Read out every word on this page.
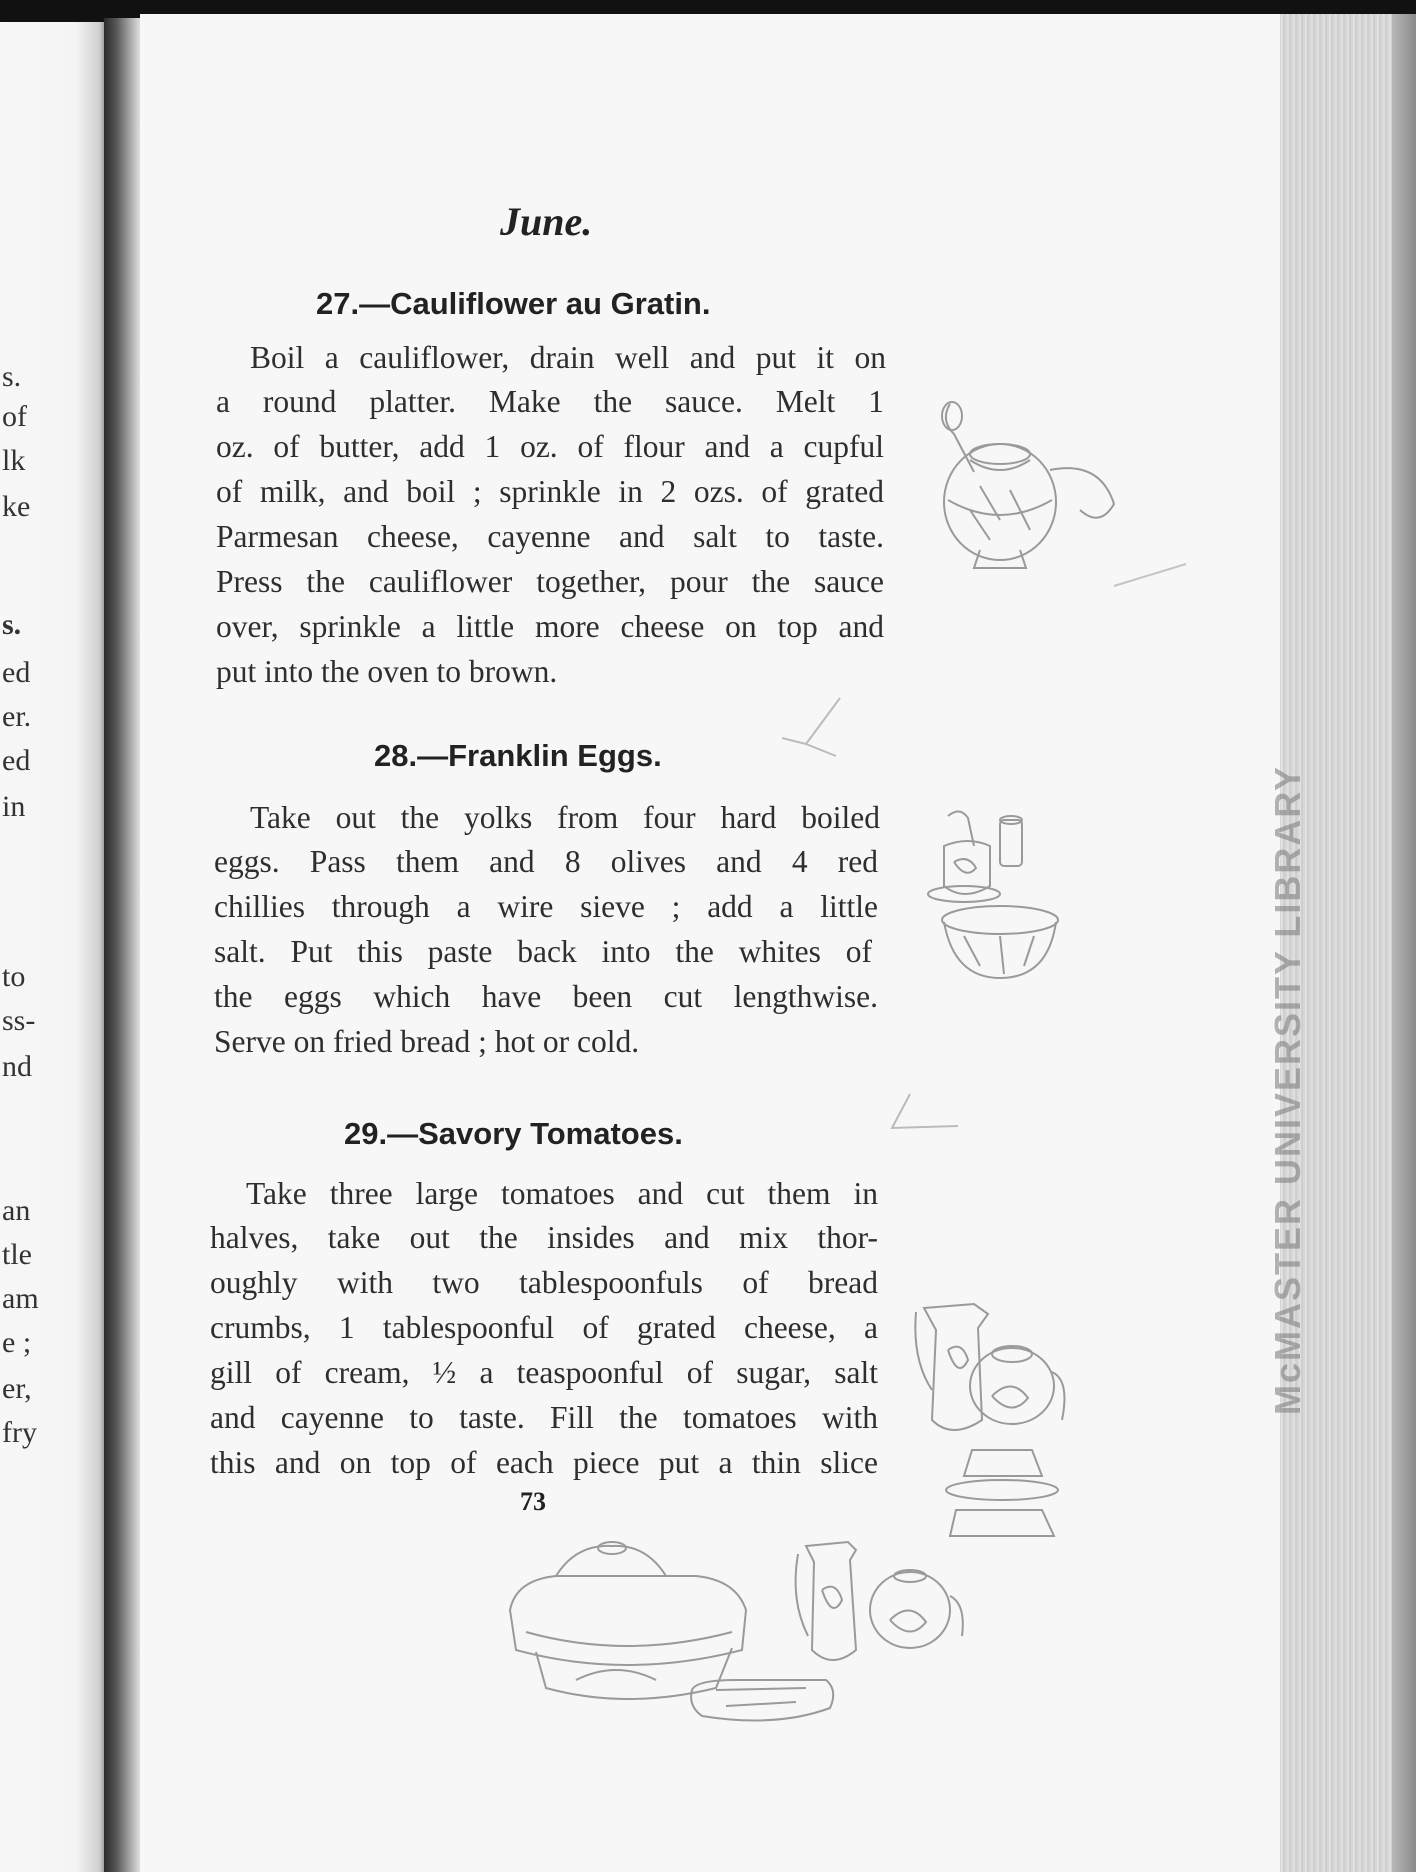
s.
of
lk
ke
s.
ed
er.
ed
in
to
ss-
nd
an
tle
am
e ;
er,
fry
McMASTER UNIVERSITY LIBRARY
June.
27.—Cauliflower au Gratin.
Boil a cauliflower, drain well and put it on
a round platter. Make the sauce. Melt 1
oz. of butter, add 1 oz. of flour and a cupful
of milk, and boil ; sprinkle in 2 ozs. of grated
Parmesan cheese, cayenne and salt to taste.
Press the cauliflower together, pour the sauce
over, sprinkle a little more cheese on top and
put into the oven to brown.
28.—Franklin Eggs.
Take out the yolks from four hard boiled
eggs. Pass them and 8 olives and 4 red
chillies through a wire sieve ; add a little
salt. Put this paste back into the whites of
the eggs which have been cut lengthwise.
Serve on fried bread ; hot or cold.
29.—Savory Tomatoes.
Take three large tomatoes and cut them in
halves, take out the insides and mix thor-
oughly with two tablespoonfuls of bread
crumbs, 1 tablespoonful of grated cheese, a
gill of cream, ½ a teaspoonful of sugar, salt
and cayenne to taste. Fill the tomatoes with
this and on top of each piece put a thin slice
73
